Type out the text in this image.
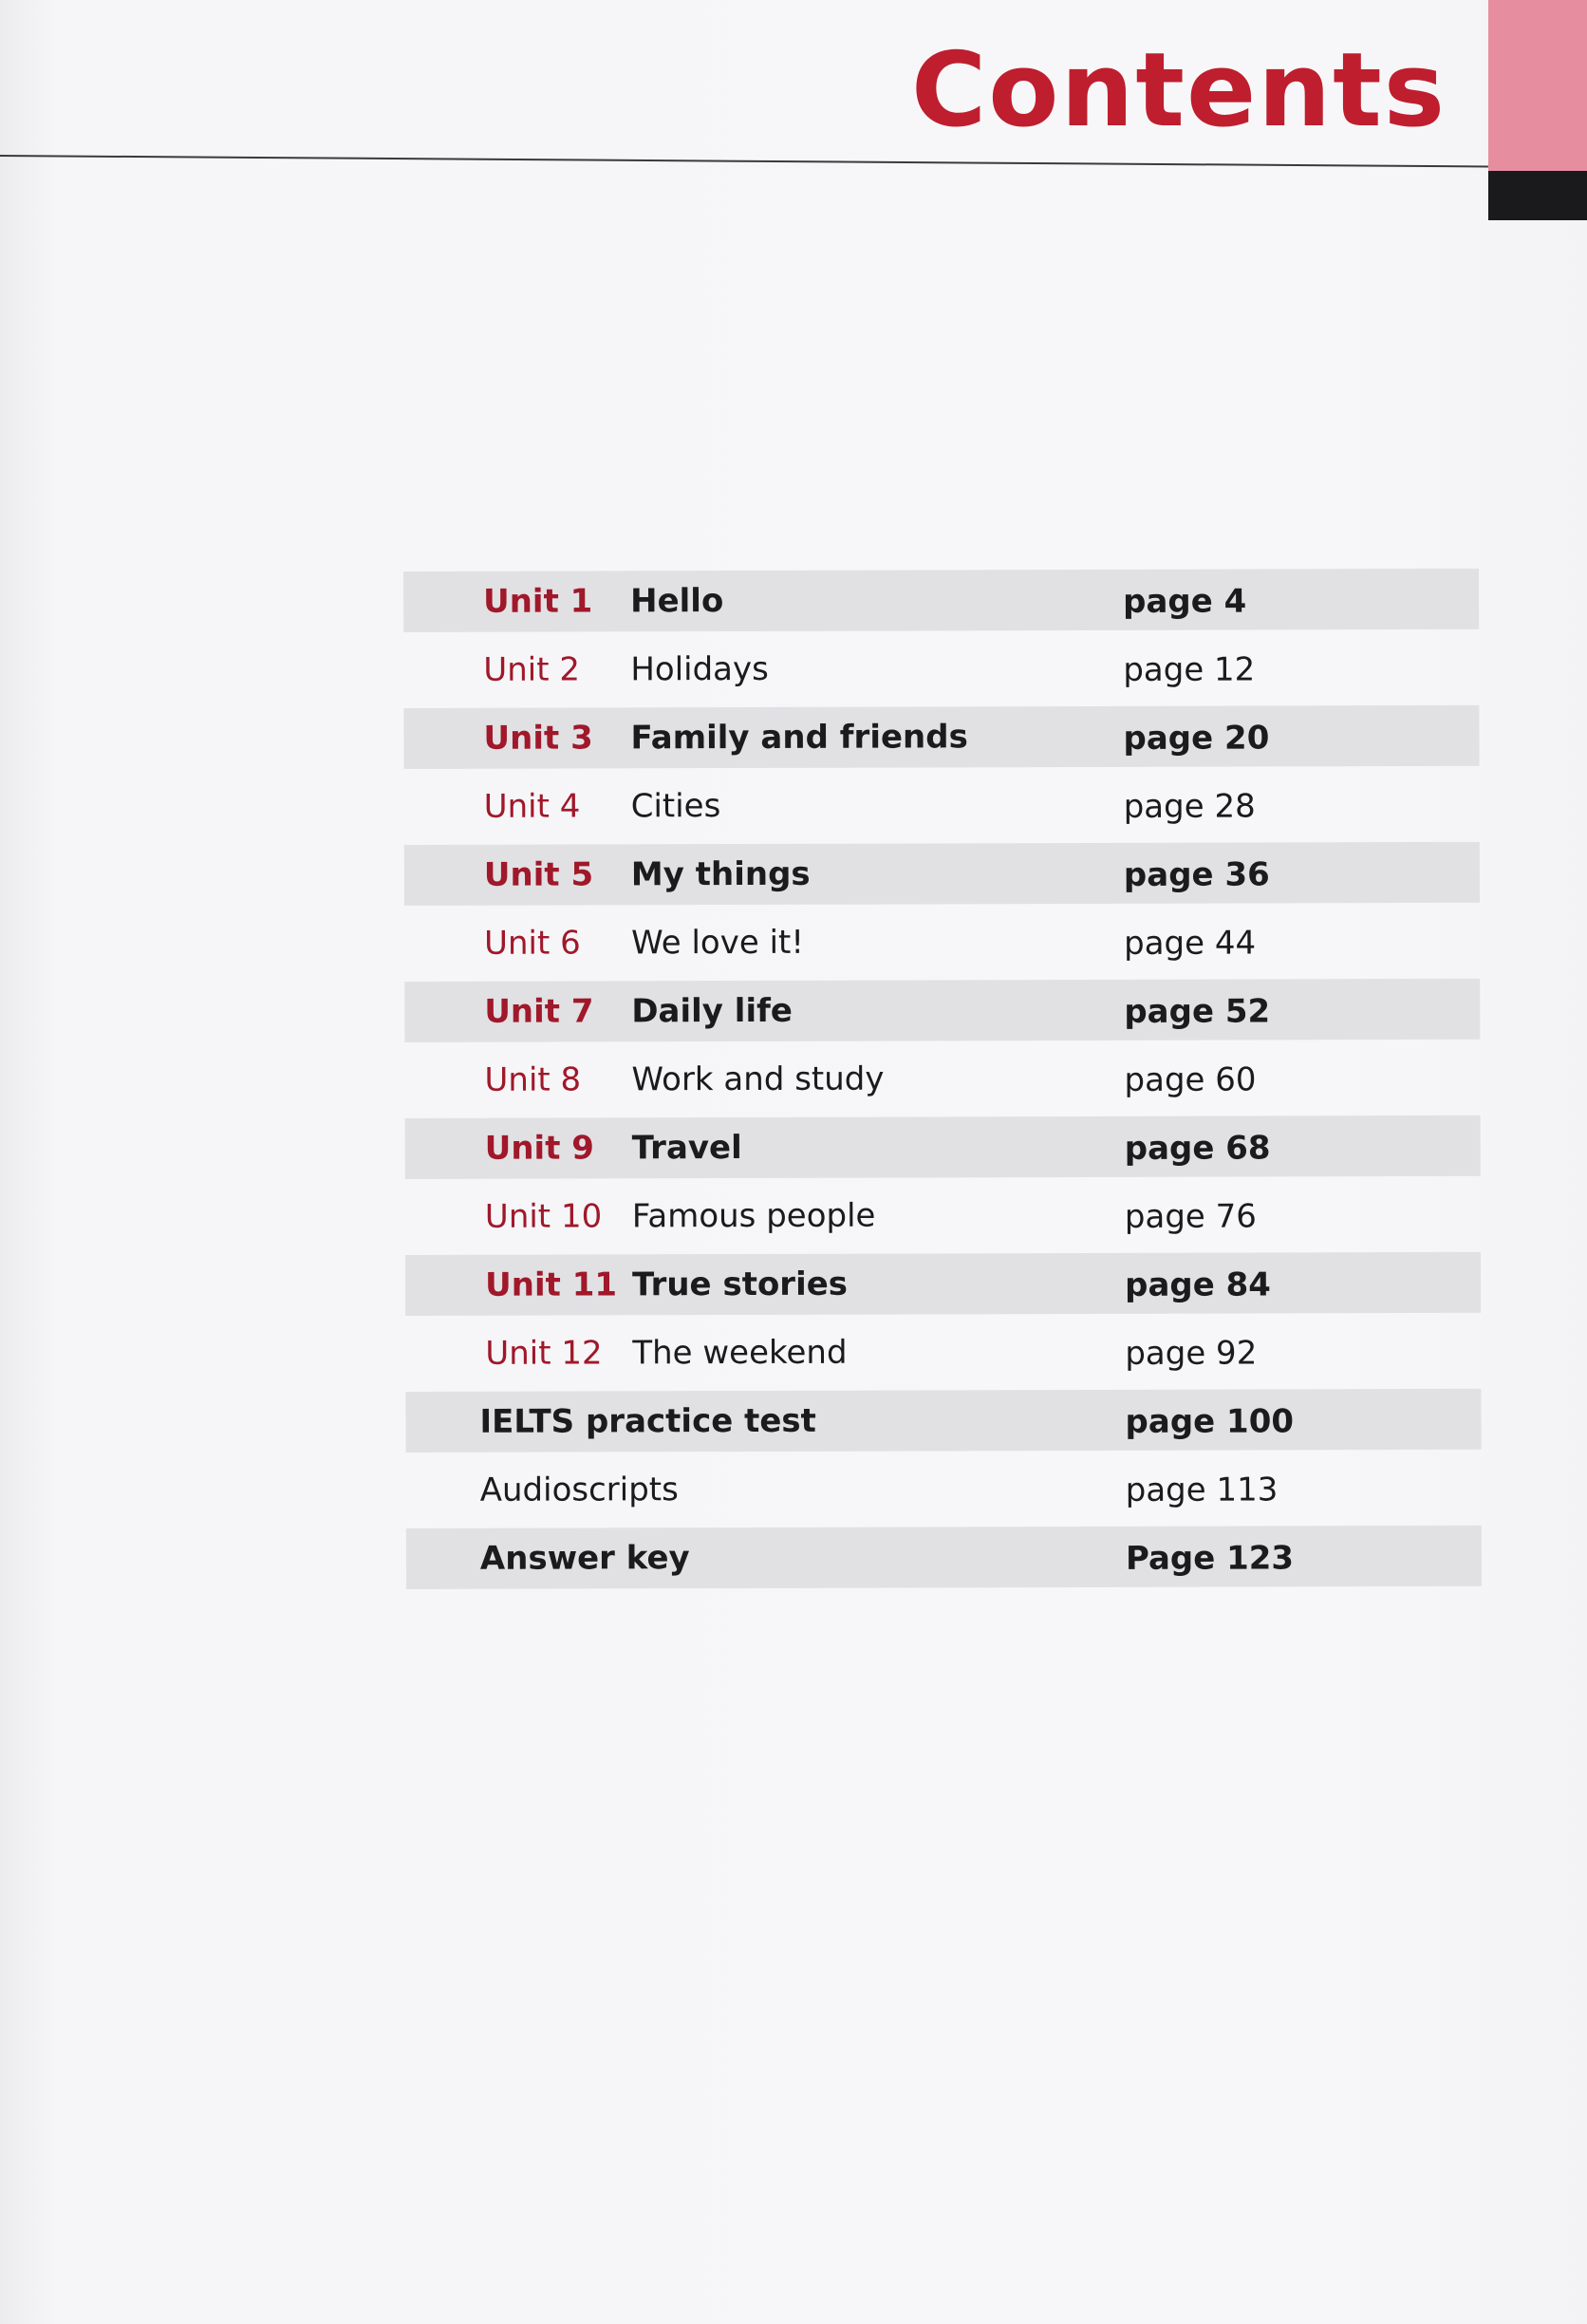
Contents
Unit 1 Hello	page 4
Unit 2 Holidays	page 12
Unit 3 Family and friends	page 20
Unit 4 Cities	page 28
Unit 5 My things	page 36
Unit 6 We love it!	page 44
Unit 7 Daily life	page 52
Unit 8 Work and study	page 60
Unit 9 Travel	page 68
Unit 10 Famous people	page 76
Unit 11 True stories	page 84
Unit 12 The weekend	page 92
IELTS practice test	page 100
Audioscripts	page 113
Answer key	Page 123
